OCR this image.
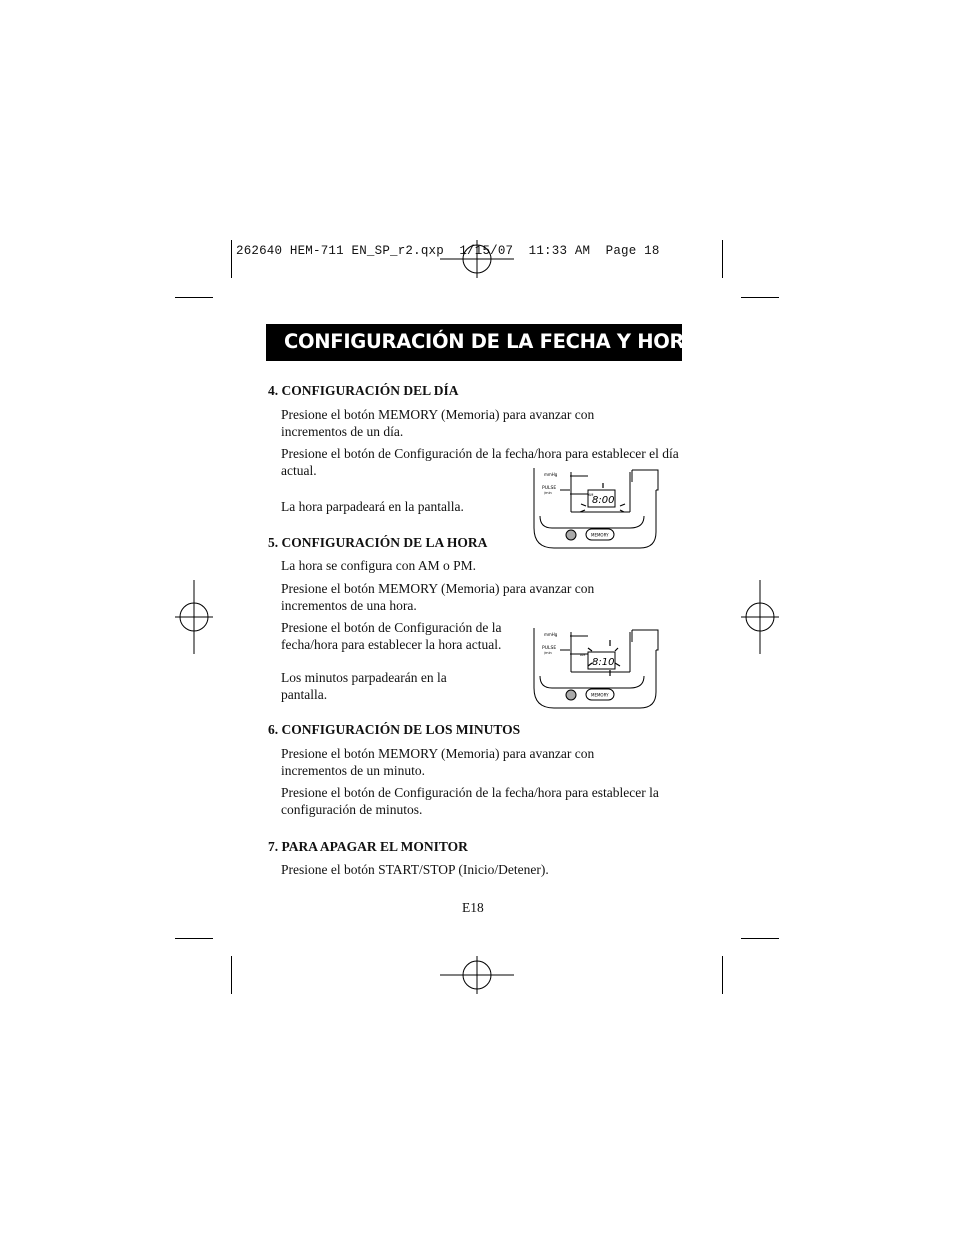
262640 HEM-711 EN_SP_r2.qxp  1/15/07  11:33 AM  Page 18
CONFIGURACIÓN DE LA FECHA Y HORA
4. CONFIGURACIÓN DEL DÍA
Presione el botón MEMORY (Memoria) para avanzar con incrementos de un día.
Presione el botón de Configuración de la fecha/hora para establecer el día actual.
La hora parpadeará en la pantalla.
mmHg
PULSE
/min	AM
8:00
MEMORY
5. CONFIGURACIÓN DE LA HORA
La hora se configura con AM o PM.
Presione el botón MEMORY (Memoria) para avanzar con incrementos de una hora.
Presione el botón de Configuración de la fecha/hora para establecer la hora actual.
Los minutos parpadearán en la pantalla.
mmHg
PULSE
/min	AM
8:10
MEMORY
6. CONFIGURACIÓN DE LOS MINUTOS
Presione el botón MEMORY (Memoria) para avanzar con incrementos de un minuto.
Presione el botón de Configuración de la fecha/hora para establecer la configuración de minutos.
7. PARA APAGAR EL MONITOR
Presione el botón START/STOP (Inicio/Detener).
E18
